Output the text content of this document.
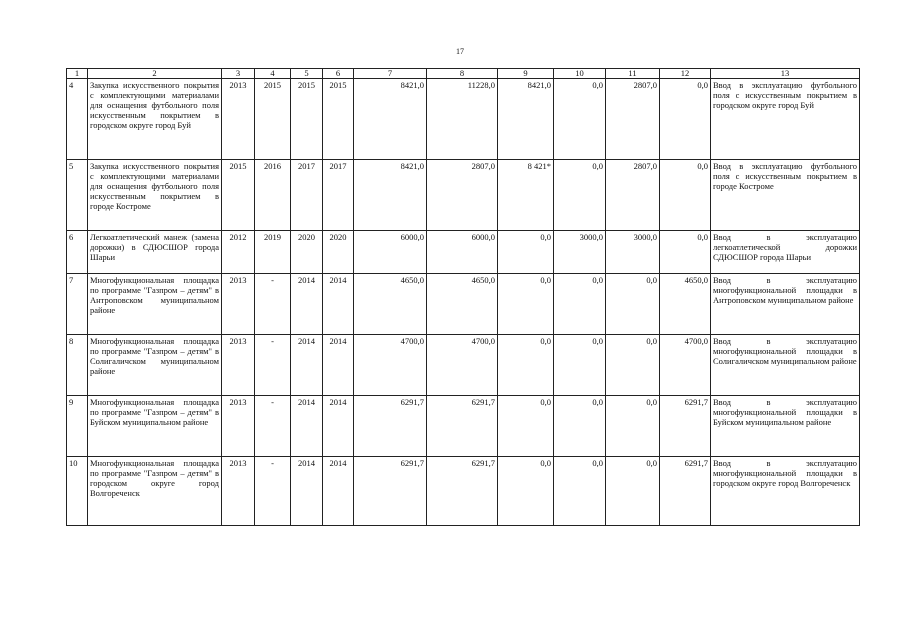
17
1	2	3	4	5	6	7	8	9	10	11	12	13
4	Закупка искусственного покрытия с комплектующими материалами для оснащения футбольного поля искусственным покрытием в городском округе город Буй	2013	2015	2015	2015	8421,0	11228,0	8421,0	0,0	2807,0	0,0	Ввод в эксплуатацию футбольного поля с искусственным покрытием в городском округе город Буй
5	Закупка искусственного покрытия с комплектующими материалами для оснащения футбольного поля искусственным покрытием в городе Костроме	2015	2016	2017	2017	8421,0	2807,0	8 421*	0,0	2807,0	0,0	Ввод в эксплуатацию футбольного поля с искусственным покрытием в городе Костроме
6	Легкоатлетический манеж (замена дорожки) в СДЮСШОР города Шарьи	2012	2019	2020	2020	6000,0	6000,0	0,0	3000,0	3000,0	0,0	Ввод в эксплуатацию легкоатлетической дорожки СДЮСШОР города Шарьи
7	Многофункциональная площадка по программе "Газпром – детям" в Антроповском муниципальном районе	2013	-	2014	2014	4650,0	4650,0	0,0	0,0	0,0	4650,0	Ввод в эксплуатацию многофункциональной площадки в Антроповском муниципальном районе
8	Многофункциональная площадка по программе "Газпром – детям" в Солигаличском муниципальном районе	2013	-	2014	2014	4700,0	4700,0	0,0	0,0	0,0	4700,0	Ввод в эксплуатацию многофункциональной площадки в Солигаличском муниципальном районе
9	Многофункциональная площадка по программе "Газпром – детям" в Буйском муниципальном районе	2013	-	2014	2014	6291,7	6291,7	0,0	0,0	0,0	6291,7	Ввод в эксплуатацию многофункциональной площадки в Буйском муниципальном районе
10	Многофункциональная площадка по программе "Газпром – детям" в городском округе город Волгореченск	2013	-	2014	2014	6291,7	6291,7	0,0	0,0	0,0	6291,7	Ввод в эксплуатацию многофункциональной площадки в городском округе город Волгореченск
